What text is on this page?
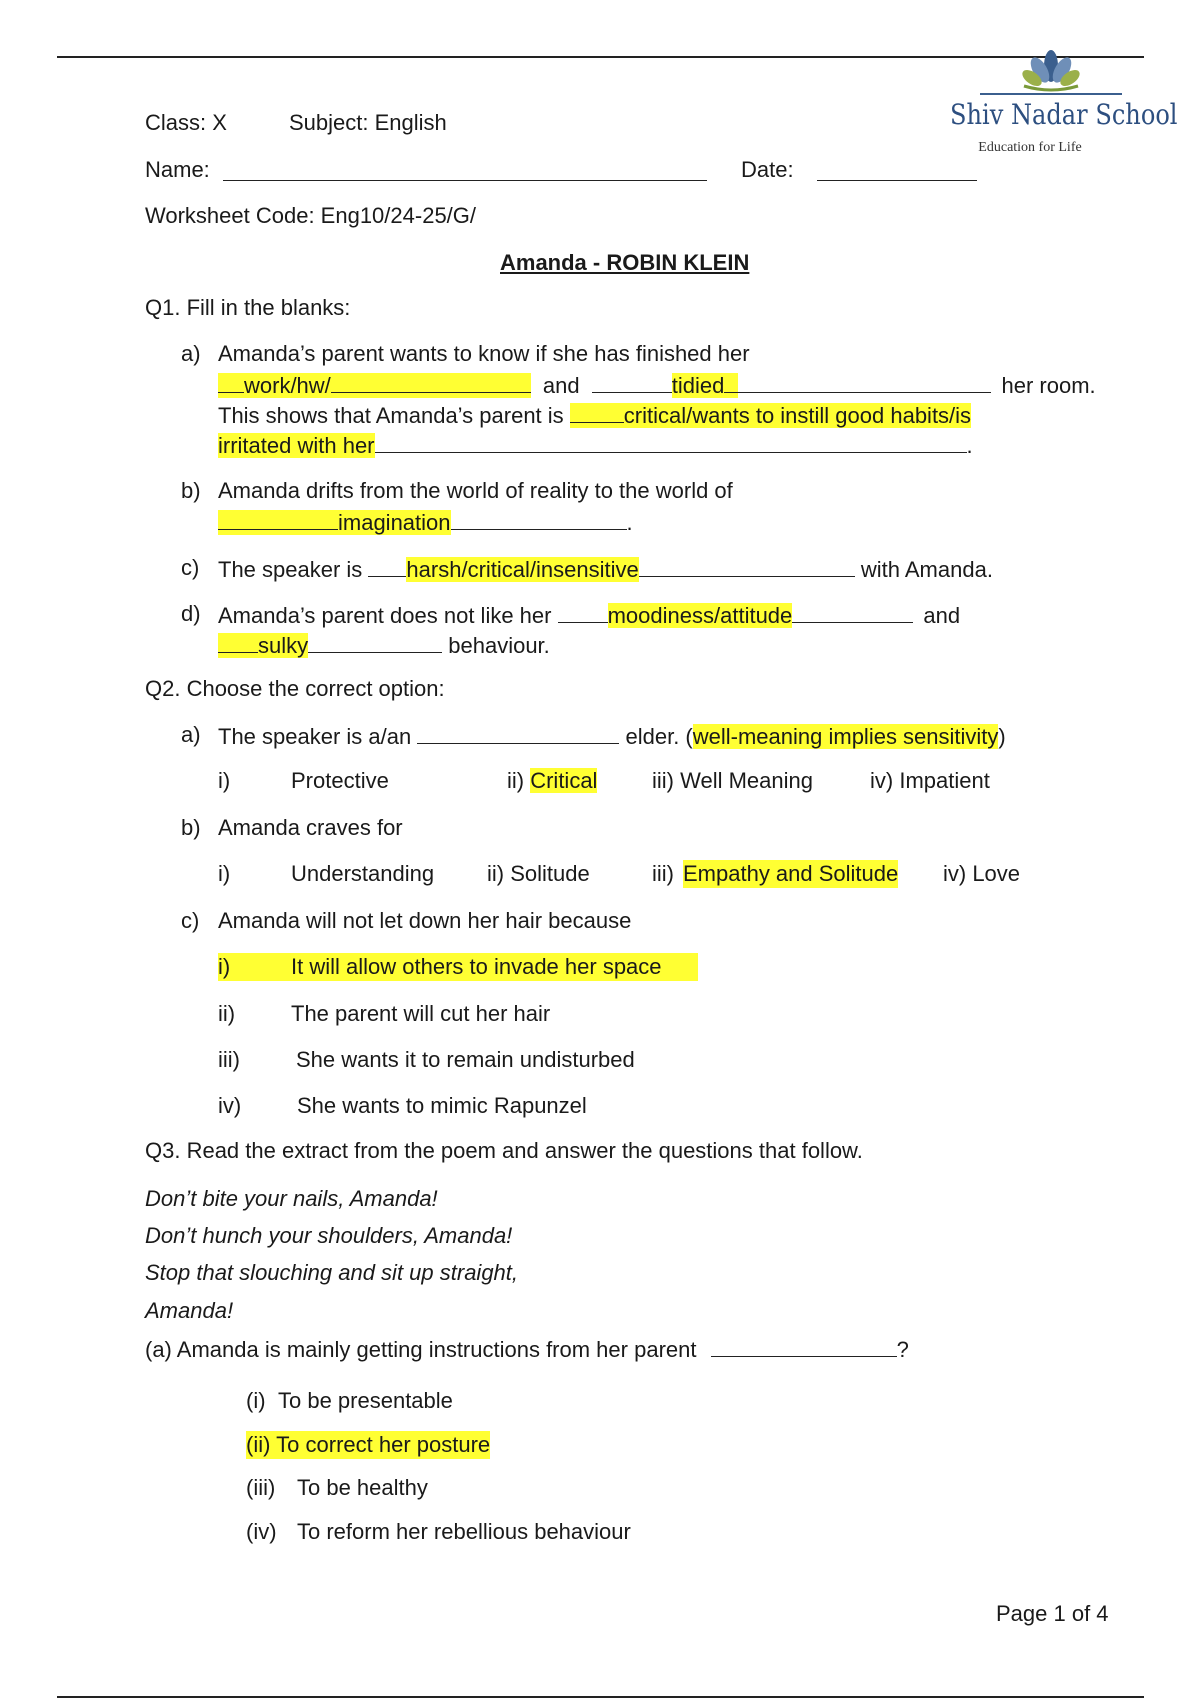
Shiv Nadar School
Education for Life
Class: X	Subject: English
Name:	Date:
Worksheet Code: Eng10/24-25/G/
Amanda - ROBIN KLEIN
Q1. Fill in the blanks:
a) Amanda’s parent wants to know if she has finished her
work/hw/	and	tidied	her room.
This shows that Amanda’s parent is	critical/wants to instill good habits/is
irritated with her	.
b) Amanda drifts from the world of reality to the world of
imagination	.
c) The speaker is harsh/critical/insensitive	with Amanda.
d) Amanda’s parent does not like her	moodiness/attitude	and
sulky	behaviour.
Q2. Choose the correct option:
a) The speaker is a/an	elder. (well-meaning implies sensitivity)
i)	Protective	ii) Critical iii) Well Meaning	iv) Impatient
b) Amanda craves for
i)	Understanding ii) Solitude	iii) Empathy and Solitude iv) Love
c) Amanda will not let down her hair because
i)	It will allow others to invade her space
ii)	The parent will cut her hair
iii)	She wants it to remain undisturbed
iv)	She wants to mimic Rapunzel
Q3. Read the extract from the poem and answer the questions that follow.
Don’t bite your nails, Amanda!
Don’t hunch your shoulders, Amanda!
Stop that slouching and sit up straight,
Amanda!
(a) Amanda is mainly getting instructions from her parent	?
(i) To be presentable
(ii) To correct her posture
(iii) To be healthy
(iv) To reform her rebellious behaviour
Page 1 of 4
